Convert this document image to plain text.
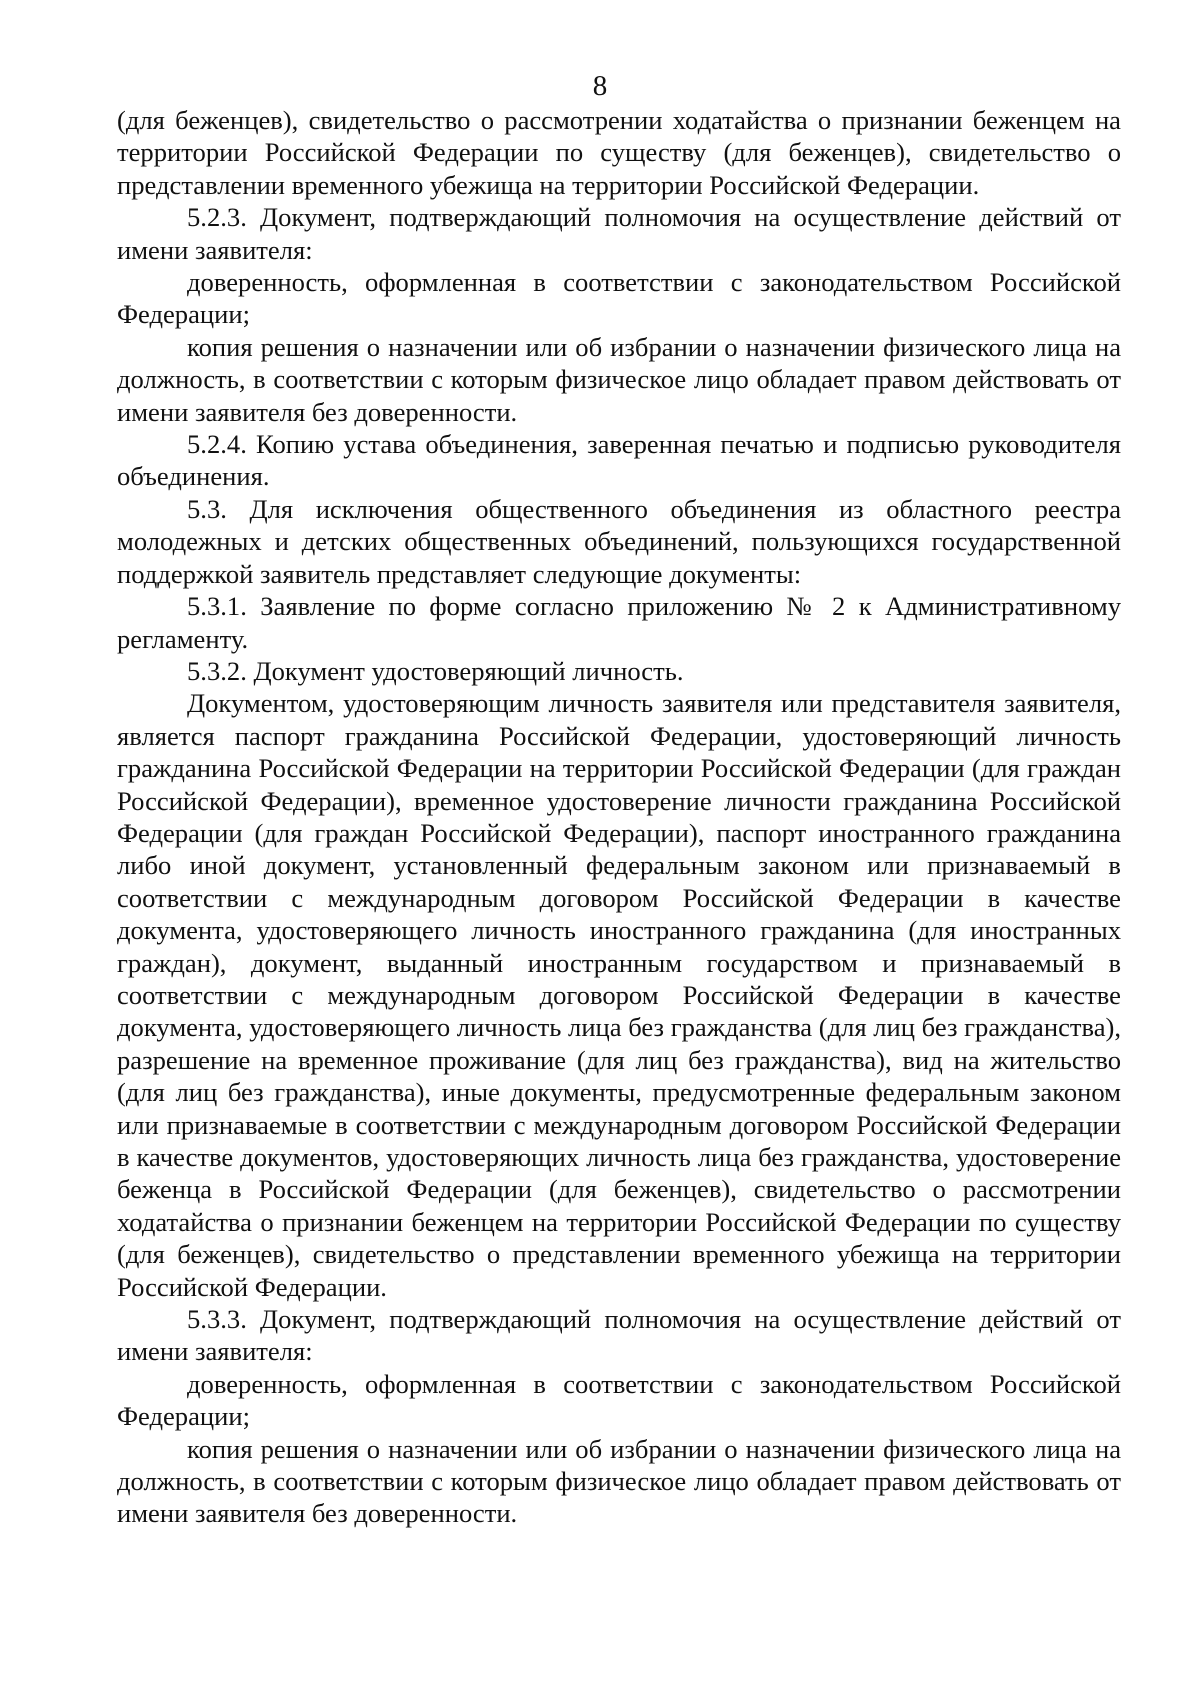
8

(для беженцев), свидетельство о рассмотрении ходатайства о признании беженцем на территории Российской Федерации по существу (для беженцев), свидетельство о представлении временного убежища на территории Российской Федерации.

5.2.3. Документ, подтверждающий полномочия на осуществление действий от имени заявителя:

доверенность, оформленная в соответствии с законодательством Российской Федерации;

копия решения о назначении или об избрании о назначении физического лица на должность, в соответствии с которым физическое лицо обладает правом действовать от имени заявителя без доверенности.

5.2.4. Копию устава объединения, заверенная печатью и подписью руководителя объединения.

5.3. Для исключения общественного объединения из областного реестра молодежных и детских общественных объединений, пользующихся государственной поддержкой заявитель представляет следующие документы:

5.3.1. Заявление по форме согласно приложению № 2 к Административному регламенту.

5.3.2. Документ удостоверяющий личность.

Документом, удостоверяющим личность заявителя или представителя заявителя, является паспорт гражданина Российской Федерации, удостоверяющий личность гражданина Российской Федерации на территории Российской Федерации (для граждан Российской Федерации), временное удостоверение личности гражданина Российской Федерации (для граждан Российской Федерации), паспорт иностранного гражданина либо иной документ, установленный федеральным законом или признаваемый в соответствии с международным договором Российской Федерации в качестве документа, удостоверяющего личность иностранного гражданина (для иностранных граждан), документ, выданный иностранным государством и признаваемый в соответствии с международным договором Российской Федерации в качестве документа, удостоверяющего личность лица без гражданства (для лиц без гражданства), разрешение на временное проживание (для лиц без гражданства), вид на жительство (для лиц без гражданства), иные документы, предусмотренные федеральным законом или признаваемые в соответствии с международным договором Российской Федерации в качестве документов, удостоверяющих личность лица без гражданства, удостоверение беженца в Российской Федерации (для беженцев), свидетельство о рассмотрении ходатайства о признании беженцем на территории Российской Федерации по существу (для беженцев), свидетельство о представлении временного убежища на территории Российской Федерации.

5.3.3. Документ, подтверждающий полномочия на осуществление действий от имени заявителя:

доверенность, оформленная в соответствии с законодательством Российской Федерации;

копия решения о назначении или об избрании о назначении физического лица на должность, в соответствии с которым физическое лицо обладает правом действовать от имени заявителя без доверенности.
